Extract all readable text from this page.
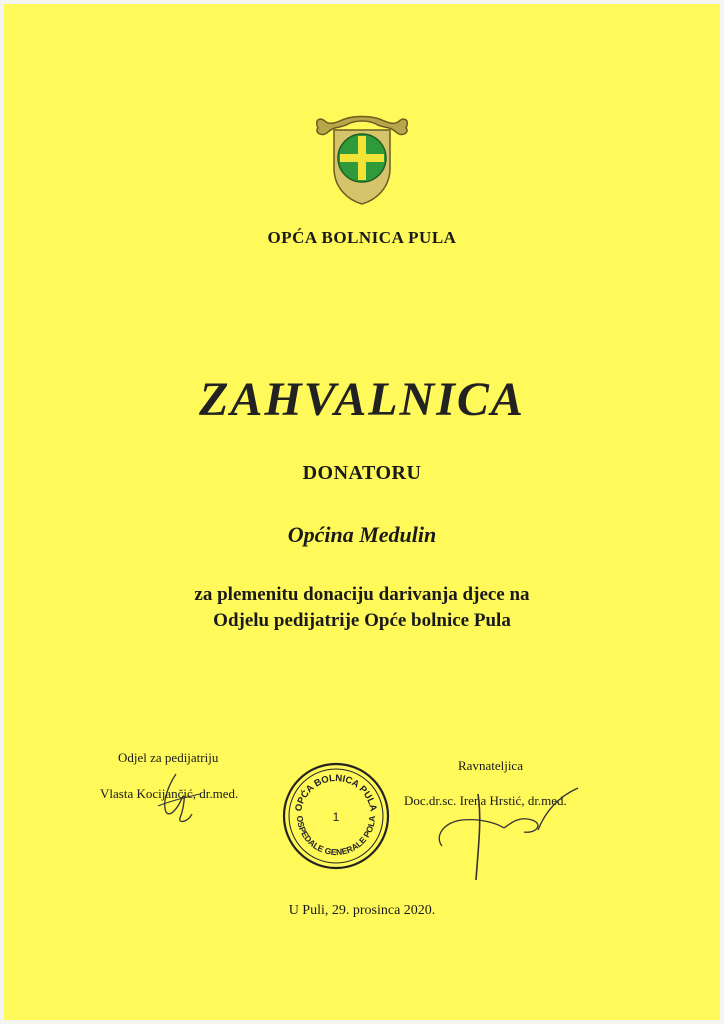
OPĆA BOLNICA PULA
ZAHVALNICA
DONATORU
Općina Medulin
za plemenitu donaciju darivanja djece na
Odjelu pedijatrije Opće bolnice Pula
Odjel za pedijatriju
Vlasta Kocijančić, dr.med.
OPĆA BOLNICA PULA
OSPEDALE GENERALE POLA
1
Ravnateljica
Doc.dr.sc. Irena Hrstić, dr.med.
U Puli, 29. prosinca 2020.
